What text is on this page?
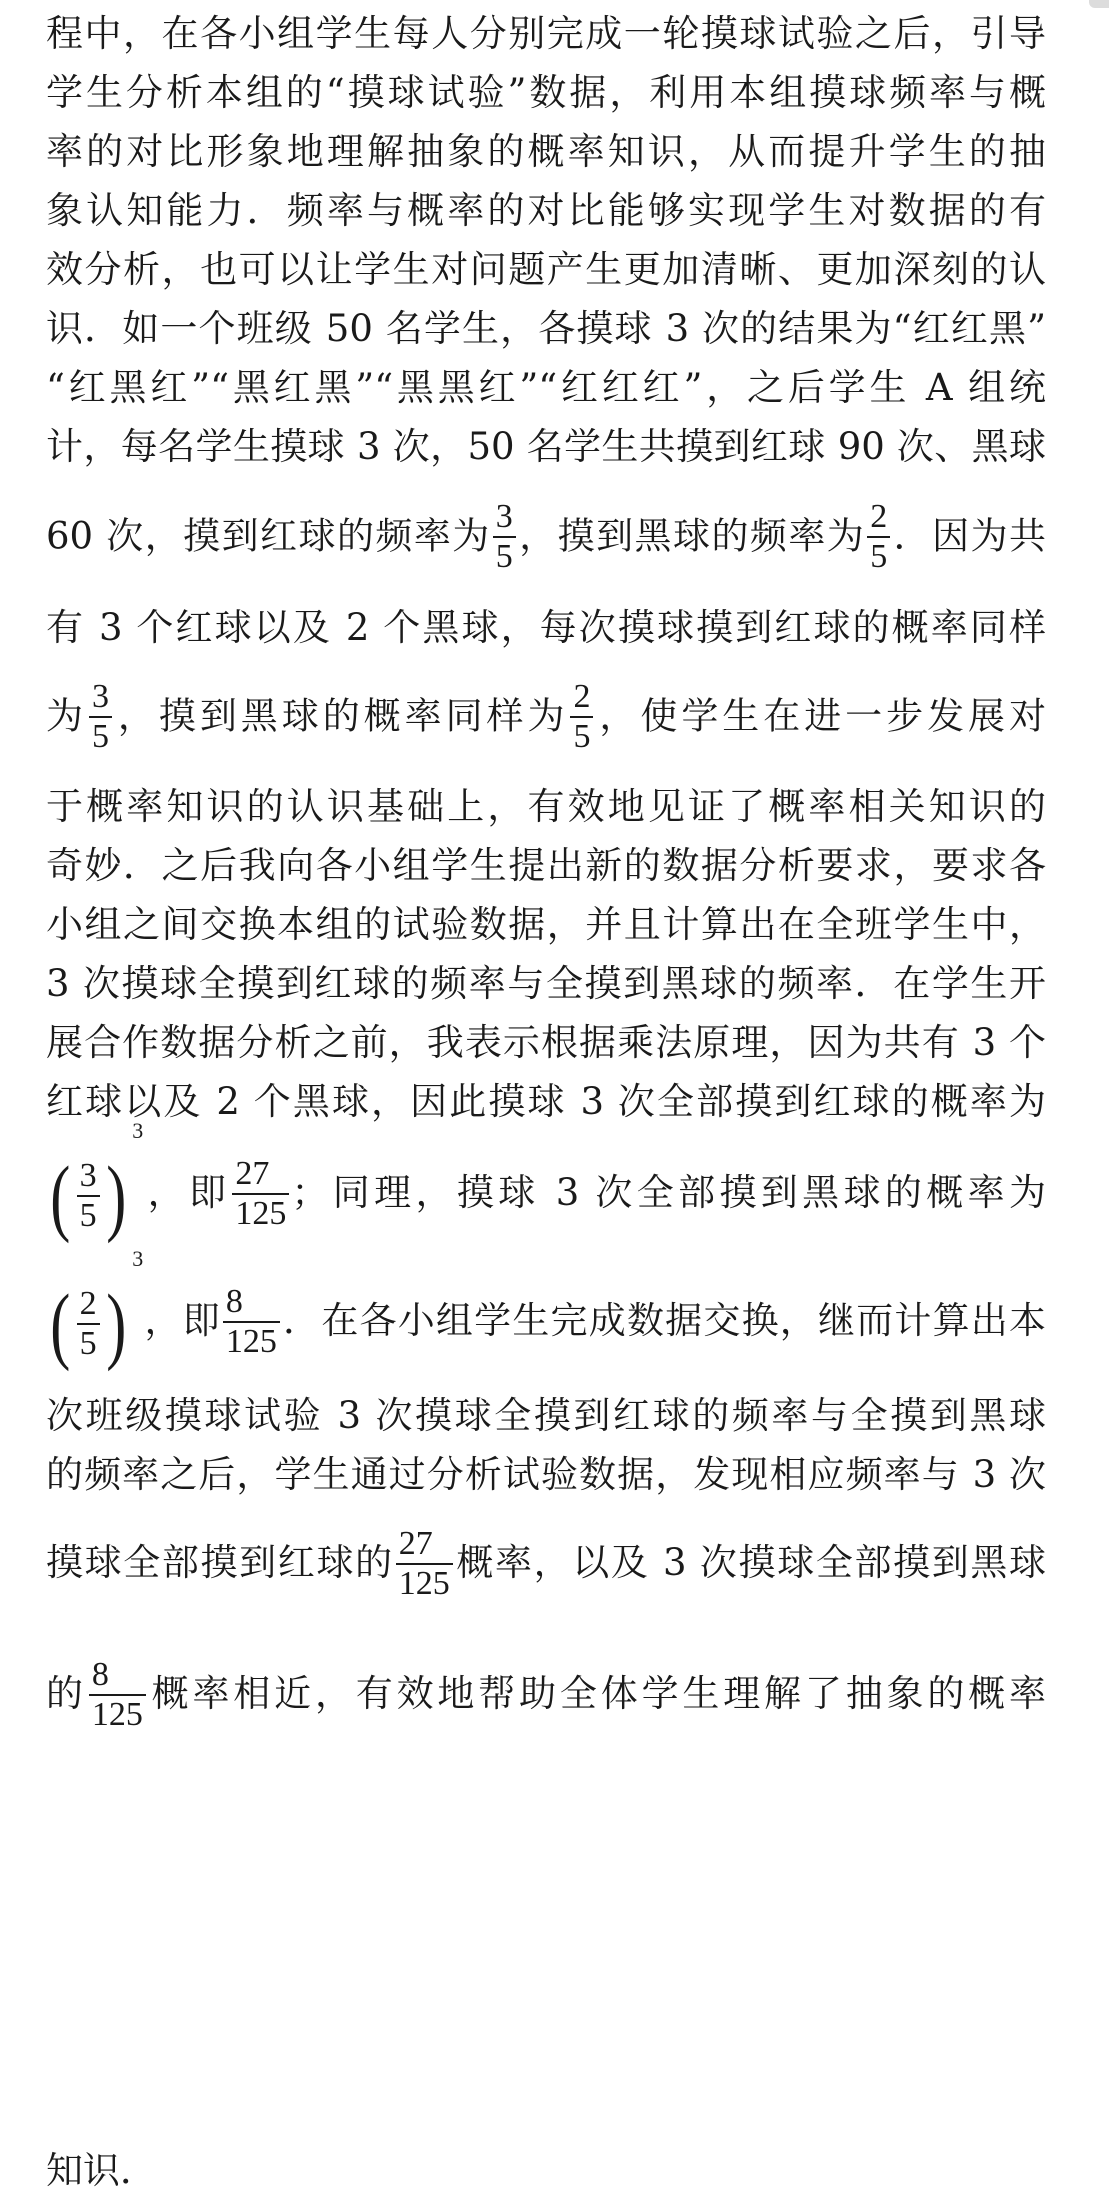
程中，在各小组学生每人分别完成一轮摸球试验之后，引导
学生分析本组的“摸球试验”数据，利用本组摸球频率与概
率的对比形象地理解抽象的概率知识，从而提升学生的抽
象认知能力．频率与概率的对比能够实现学生对数据的有
效分析，也可以让学生对问题产生更加清晰、更加深刻的认
识．如一个班级 50 名学生，各摸球 3 次的结果为“红红黑”
“红黑红”“黑红黑”“黑黑红”“红红红”，之后学生 A 组统
计，每名学生摸球 3 次，50 名学生共摸到红球 90 次、黑球
60 次，摸到红球的频率为 $\frac{3}{5}$ ，摸到黑球的频率为 $\frac{2}{5}$ ．因为共
有 3 个红球以及 2 个黑球，每次摸球摸到红球的概率同样
为 $\frac{3}{5}$ ，摸到黑球的概率同样为 $\frac{2}{5}$ ，使学生在进一步发展对
于概率知识的认识基础上，有效地见证了概率相关知识的
奇妙．之后我向各小组学生提出新的数据分析要求，要求各
小组之间交换本组的试验数据，并且计算出在全班学生中，
3 次摸球全摸到红球的频率与全摸到黑球的频率．在学生开
展合作数据分析之前，我表示根据乘法原理，因为共有 3 个
红球以及 2 个黑球，因此摸球 3 次全部摸到红球的概率为
( $\frac{3}{5} )3$，即 $\frac{27}{125}$ ；同理，摸球 3 次全部摸到黑球的概率为
( $\frac{2}{5} )3$，即 $\frac{8}{125}$ ．在各小组学生完成数据交换，继而计算出本
次班级摸球试验 3 次摸球全摸到红球的频率与全摸到黑球
的频率之后，学生通过分析试验数据，发现相应频率与 3 次
摸球全部摸到红球的 $\frac{27}{125}$ 概率，以及 3 次摸球全部摸到黑球
的 $\frac{8}{125}$ 概率相近，有效地帮助全体学生理解了抽象的概率
知识．
